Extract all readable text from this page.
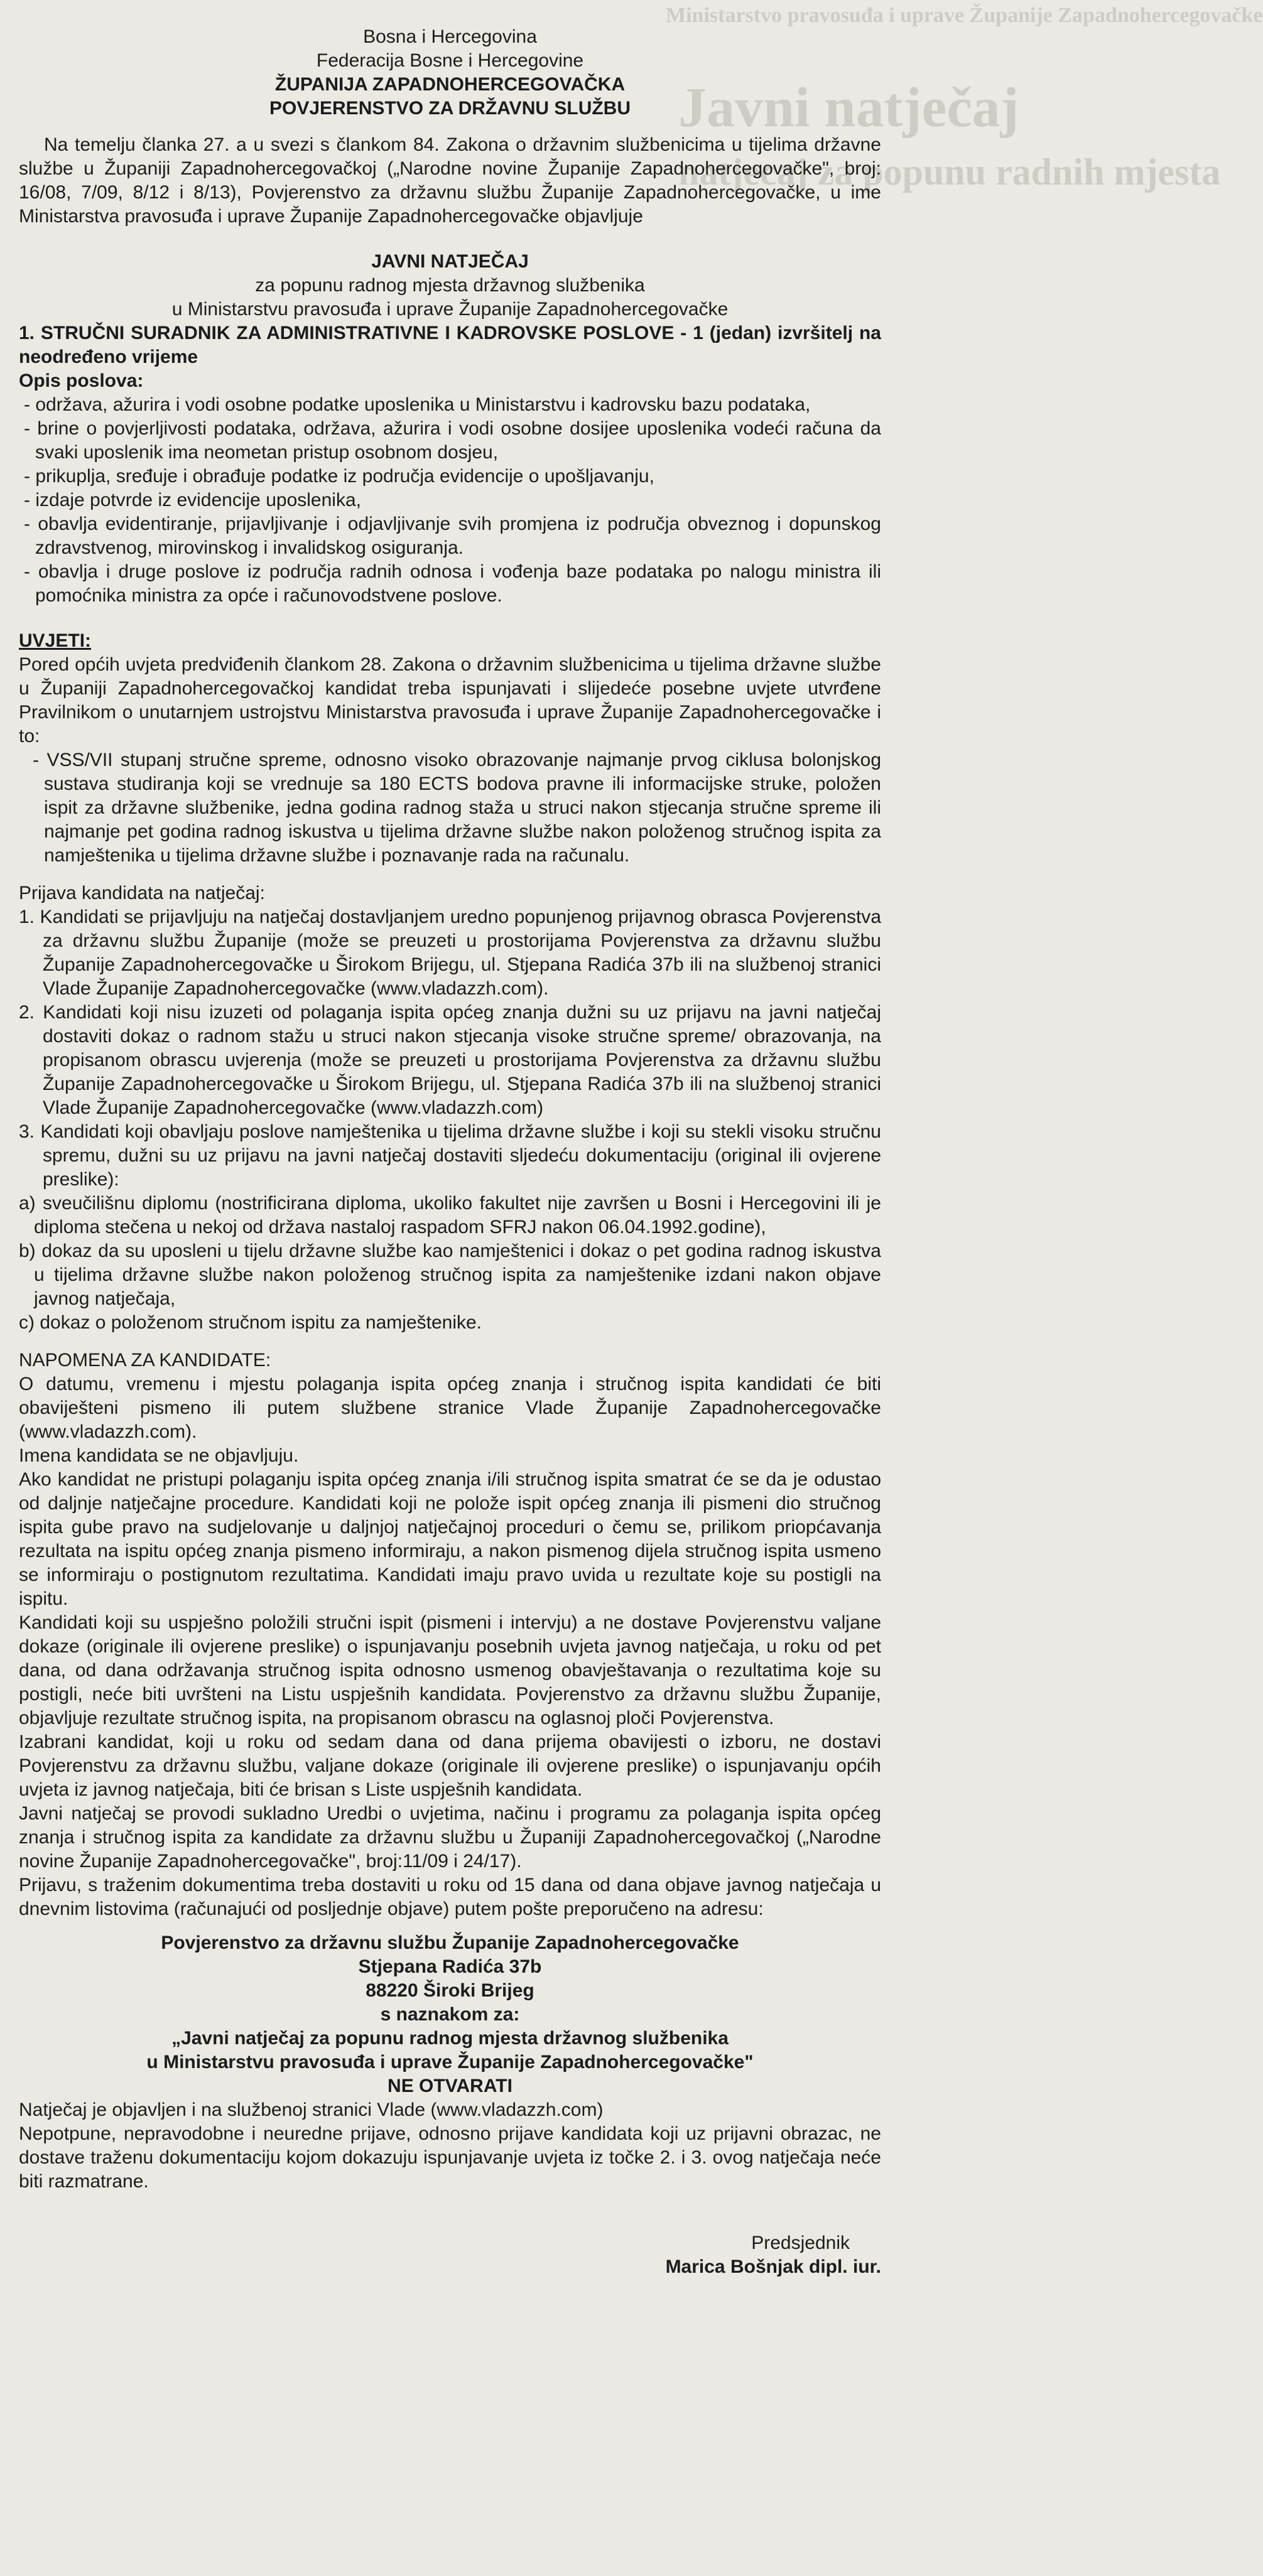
Ministarstvo pravosuđa i uprave Županije Zapadnohercegovačke
Javni natječaj
natjecaj za popunu radnih mjesta

Bosna i Hercegovina

Federacija Bosne i Hercegovine

ŽUPANIJA ZAPADNOHERCEGOVAČKA

POVJERENSTVO ZA DRŽAVNU SLUŽBU

Na temelju članka 27. a u svezi s člankom 84. Zakona o državnim službenicima u tijelima državne službe u Županiji Zapadnohercegovačkoj („Narodne novine Županije Zapadnohercegovačke", broj: 16/08, 7/09, 8/12 i 8/13), Povjerenstvo za državnu službu Županije Zapadnohercegovačke, u ime Ministarstva pravosuđa i uprave Županije Zapadnohercegovačke objavljuje

JAVNI NATJEČAJ

za popunu radnog mjesta državnog službenika

u Ministarstvu pravosuđa i uprave Županije Zapadnohercegovačke

1. STRUČNI SURADNIK ZA ADMINISTRATIVNE I KADROVSKE POSLOVE - 1 (jedan) izvršitelj na neodređeno vrijeme

Opis poslova:

- održava, ažurira i vodi osobne podatke uposlenika u Ministarstvu i kadrovsku bazu podataka,

- brine o povjerljivosti podataka, održava, ažurira i vodi osobne dosijee uposlenika vodeći računa da svaki uposlenik ima neometan pristup osobnom dosjeu,

- prikuplja, sređuje i obrađuje podatke iz područja evidencije o upošljavanju,

- izdaje potvrde iz evidencije uposlenika,

- obavlja evidentiranje, prijavljivanje i odjavljivanje svih promjena iz područja obveznog i dopunskog zdravstvenog, mirovinskog i invalidskog osiguranja.

- obavlja i druge poslove iz područja radnih odnosa i vođenja baze podataka po nalogu ministra ili pomoćnika ministra za opće i računovodstvene poslove.

UVJETI:

Pored općih uvjeta predviđenih člankom 28. Zakona o državnim službenicima u tijelima državne službe u Županiji Zapadnohercegovačkoj kandidat treba ispunjavati i slijedeće posebne uvjete utvrđene Pravilnikom o unutarnjem ustrojstvu Ministarstva pravosuđa i uprave Županije Zapadnohercegovačke i to:

- VSS/VII stupanj stručne spreme, odnosno visoko obrazovanje najmanje prvog ciklusa bolonjskog sustava studiranja koji se vrednuje sa 180 ECTS bodova pravne ili informacijske struke, položen ispit za državne službenike, jedna godina radnog staža u struci nakon stjecanja stručne spreme ili najmanje pet godina radnog iskustva u tijelima državne službe nakon položenog stručnog ispita za namještenika u tijelima državne službe i poznavanje rada na računalu.

Prijava kandidata na natječaj:

1. Kandidati se prijavljuju na natječaj dostavljanjem uredno popunjenog prijavnog obrasca Povjerenstva za državnu službu Županije (može se preuzeti u prostorijama Povjerenstva za državnu službu Županije Zapadnohercegovačke u Širokom Brijegu, ul. Stjepana Radića 37b ili na službenoj stranici Vlade Županije Zapadnohercegovačke (www.vladazzh.com).

2. Kandidati koji nisu izuzeti od polaganja ispita općeg znanja dužni su uz prijavu na javni natječaj dostaviti dokaz o radnom stažu u struci nakon stjecanja visoke stručne spreme/ obrazovanja, na propisanom obrascu uvjerenja (može se preuzeti u prostorijama Povjerenstva za državnu službu Županije Zapadnohercegovačke u Širokom Brijegu, ul. Stjepana Radića 37b ili na službenoj stranici Vlade Županije Zapadnohercegovačke (www.vladazzh.com)

3. Kandidati koji obavljaju poslove namještenika u tijelima državne službe i koji su stekli visoku stručnu spremu, dužni su uz prijavu na javni natječaj dostaviti sljedeću dokumentaciju (original ili ovjerene preslike):

a) sveučilišnu diplomu (nostrificirana diploma, ukoliko fakultet nije završen u Bosni i Hercegovini ili je diploma stečena u nekoj od država nastaloj raspadom SFRJ nakon 06.04.1992.godine),

b) dokaz da su uposleni u tijelu državne službe kao namještenici i dokaz o pet godina radnog iskustva u tijelima državne službe nakon položenog stručnog ispita za namještenike izdani nakon objave javnog natječaja,

c) dokaz o položenom stručnom ispitu za namještenike.

NAPOMENA ZA KANDIDATE:

O datumu, vremenu i mjestu polaganja ispita općeg znanja i stručnog ispita kandidati će biti obaviješteni pismeno ili putem službene stranice Vlade Županije Zapadnohercegovačke (www.vladazzh.com).

Imena kandidata se ne objavljuju.

Ako kandidat ne pristupi polaganju ispita općeg znanja i/ili stručnog ispita smatrat će se da je odustao od daljnje natječajne procedure. Kandidati koji ne polože ispit općeg znanja ili pismeni dio stručnog ispita gube pravo na sudjelovanje u daljnjoj natječajnoj proceduri o čemu se, prilikom priopćavanja rezultata na ispitu općeg znanja pismeno informiraju, a nakon pismenog dijela stručnog ispita usmeno se informiraju o postignutom rezultatima. Kandidati imaju pravo uvida u rezultate koje su postigli na ispitu.

Kandidati koji su uspješno položili stručni ispit (pismeni i intervju) a ne dostave Povjerenstvu valjane dokaze (originale ili ovjerene preslike) o ispunjavanju posebnih uvjeta javnog natječaja, u roku od pet dana, od dana održavanja stručnog ispita odnosno usmenog obavještavanja o rezultatima koje su postigli, neće biti uvršteni na Listu uspješnih kandidata. Povjerenstvo za državnu službu Županije, objavljuje rezultate stručnog ispita, na propisanom obrascu na oglasnoj ploči Povjerenstva.

Izabrani kandidat, koji u roku od sedam dana od dana prijema obavijesti o izboru, ne dostavi Povjerenstvu za državnu službu, valjane dokaze (originale ili ovjerene preslike) o ispunjavanju općih uvjeta iz javnog natječaja, biti će brisan s Liste uspješnih kandidata.

Javni natječaj se provodi sukladno Uredbi o uvjetima, načinu i programu za polaganja ispita općeg znanja i stručnog ispita za kandidate za državnu službu u Županiji Zapadnohercegovačkoj („Narodne novine Županije Zapadnohercegovačke", broj:11/09 i 24/17).

Prijavu, s traženim dokumentima treba dostaviti u roku od 15 dana od dana objave javnog natječaja u dnevnim listovima (računajući od posljednje objave) putem pošte preporučeno na adresu:

Povjerenstvo za državnu službu Županije Zapadnohercegovačke

Stjepana Radića 37b

88220 Široki Brijeg

s naznakom za:

„Javni natječaj za popunu radnog mjesta državnog službenika

u Ministarstvu pravosuđa i uprave Županije Zapadnohercegovačke"

NE OTVARATI

Natječaj je objavljen i na službenoj stranici Vlade (www.vladazzh.com)

Nepotpune, nepravodobne i neuredne prijave, odnosno prijave kandidata koji uz prijavni obrazac, ne dostave traženu dokumentaciju kojom dokazuju ispunjavanje uvjeta iz točke 2. i 3. ovog natječaja neće biti razmatrane.

Predsjednik

Marica Bošnjak dipl. iur.
